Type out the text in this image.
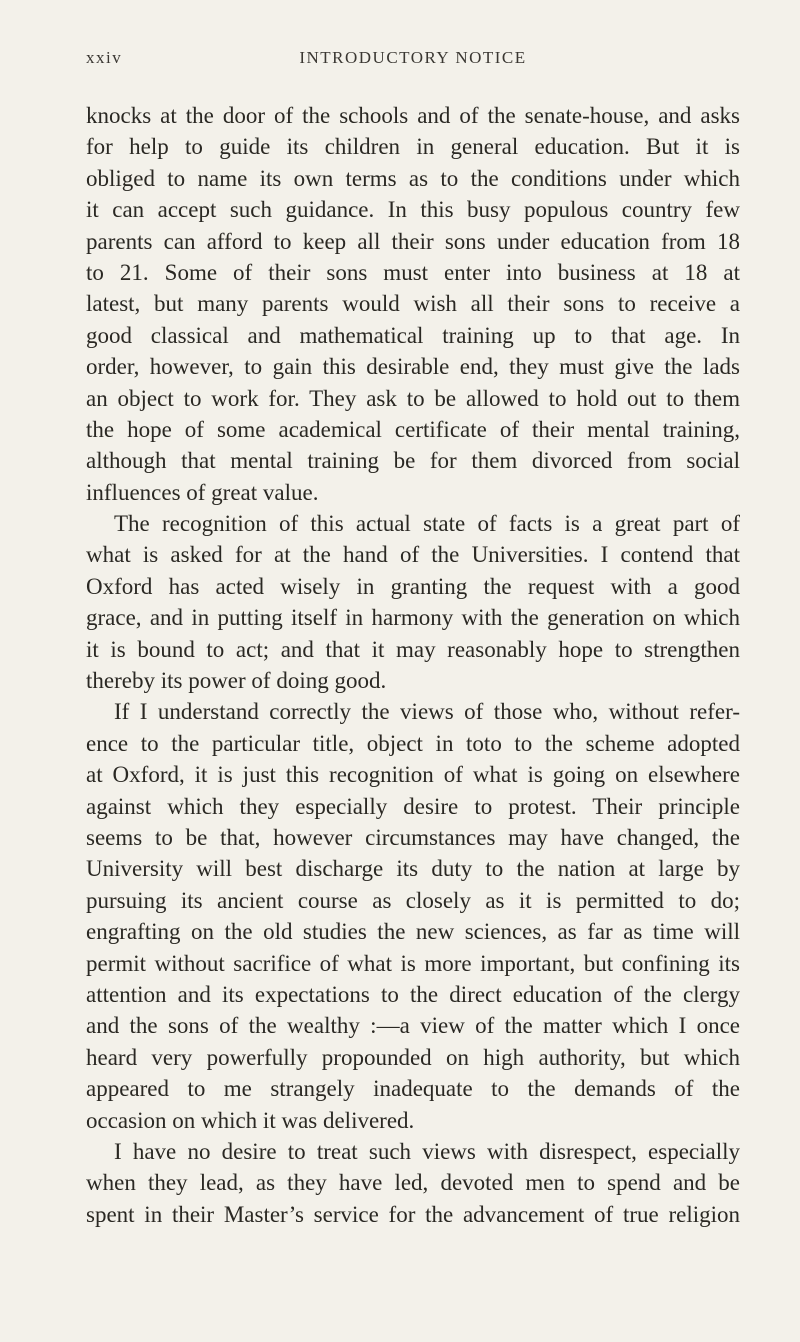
xxiv	INTRODUCTORY NOTICE
knocks at the door of the schools and of the senate-house, and asks
for help to guide its children in general education. But it is
obliged to name its own terms as to the conditions under which
it can accept such guidance. In this busy populous country few
parents can afford to keep all their sons under education from 18
to 21. Some of their sons must enter into business at 18 at
latest, but many parents would wish all their sons to receive a
good classical and mathematical training up to that age. In
order, however, to gain this desirable end, they must give the lads
an object to work for. They ask to be allowed to hold out to them
the hope of some academical certificate of their mental training,
although that mental training be for them divorced from social
influences of great value.
The recognition of this actual state of facts is a great part of
what is asked for at the hand of the Universities. I contend that
Oxford has acted wisely in granting the request with a good
grace, and in putting itself in harmony with the generation on which
it is bound to act; and that it may reasonably hope to strengthen
thereby its power of doing good.
If I understand correctly the views of those who, without refer-
ence to the particular title, object in toto to the scheme adopted
at Oxford, it is just this recognition of what is going on elsewhere
against which they especially desire to protest. Their principle
seems to be that, however circumstances may have changed, the
University will best discharge its duty to the nation at large by
pursuing its ancient course as closely as it is permitted to do;
engrafting on the old studies the new sciences, as far as time will
permit without sacrifice of what is more important, but confining its
attention and its expectations to the direct education of the clergy
and the sons of the wealthy :—a view of the matter which I once
heard very powerfully propounded on high authority, but which
appeared to me strangely inadequate to the demands of the
occasion on which it was delivered.
I have no desire to treat such views with disrespect, especially
when they lead, as they have led, devoted men to spend and be
spent in their Master’s service for the advancement of true religion
